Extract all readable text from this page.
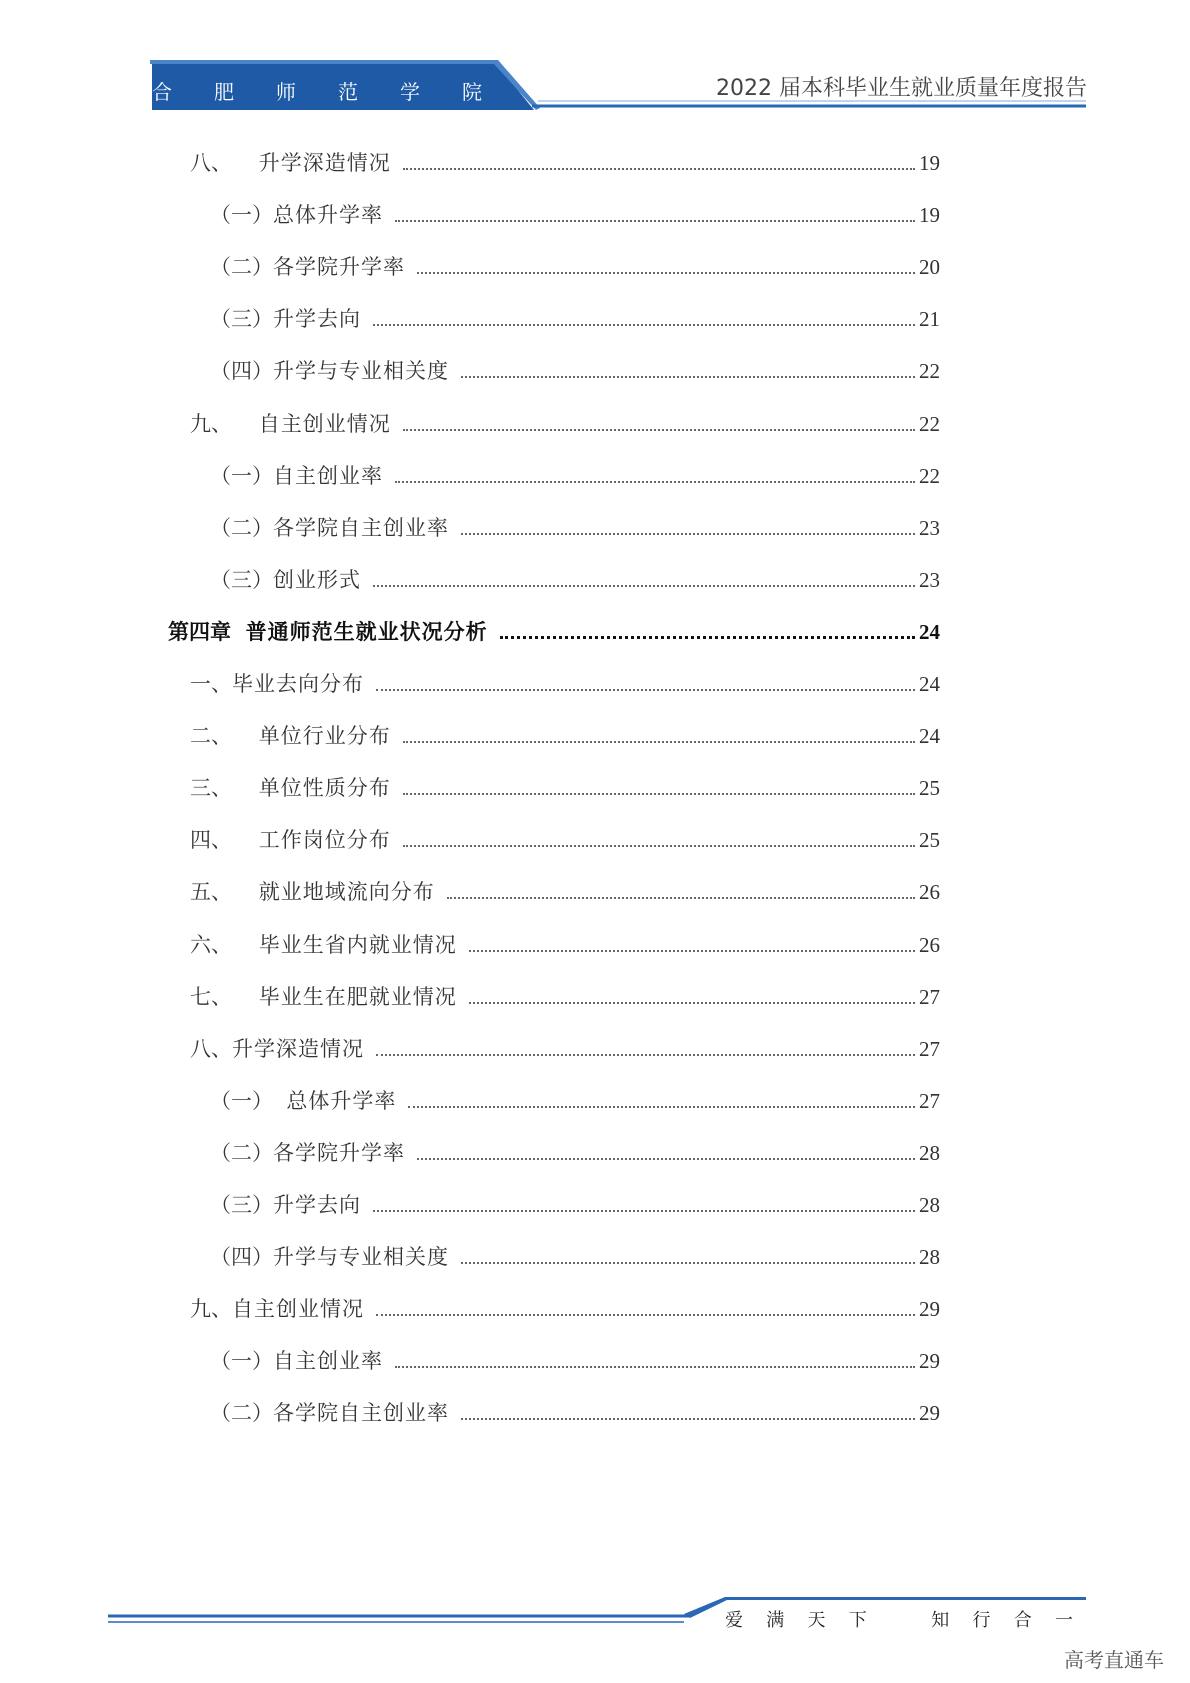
合 肥 师 范 学 院	2022 届本科毕业生就业质量年度报告
八、 升学深造情况	19
（一） 总体升学率	19
（二） 各学院升学率	20
（三） 升学去向	21
（四） 升学与专业相关度	22
九、 自主创业情况	22
（一） 自主创业率	22
（二） 各学院自主创业率	23
（三） 创业形式	23
第四章 普通师范生就业状况分析	24
一、 毕业去向分布	24
二、 单位行业分布	24
三、 单位性质分布	25
四、 工作岗位分布	25
五、 就业地域流向分布	26
六、 毕业生省内就业情况	26
七、 毕业生在肥就业情况	27
八、 升学深造情况	27
（一） 总体升学率	27
（二） 各学院升学率	28
（三） 升学去向	28
（四） 升学与专业相关度	28
九、 自主创业情况	29
（一） 自主创业率	29
（二） 各学院自主创业率	29
爱 满 天 下	知 行 合 一
高考直通车
